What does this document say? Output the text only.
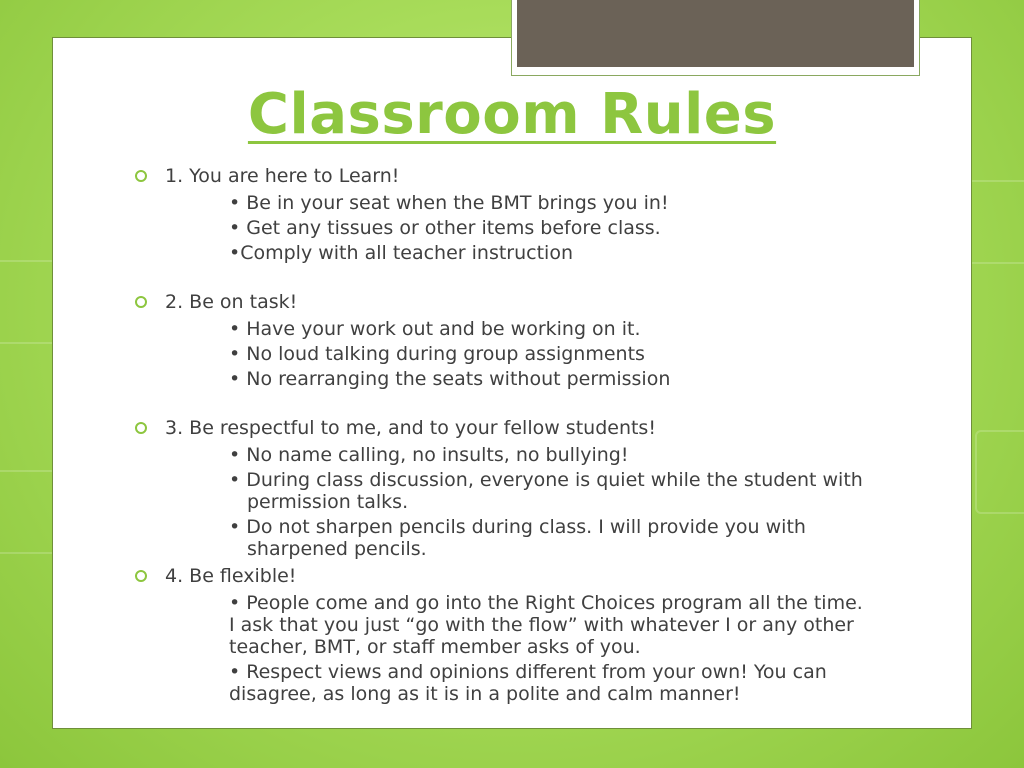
Classroom Rules
1. You are here to Learn!
• Be in your seat when the BMT brings you in!
• Get any tissues or other items before class.
•Comply with all teacher instruction
2. Be on task!
• Have your work out and be working on it.
• No loud talking during group assignments
• No rearranging the seats without permission
3. Be respectful to me, and to your fellow students!
• No name calling, no insults, no bullying!
• During class discussion, everyone is quiet while the student with permission talks.
• Do not sharpen pencils during class. I will provide you with sharpened pencils.
4. Be flexible!
• People come and go into the Right Choices program all the time. I ask that you just “go with the flow” with whatever I or any other teacher, BMT, or staff member asks of you.
• Respect views and opinions different from your own! You can disagree, as long as it is in a polite and calm manner!
